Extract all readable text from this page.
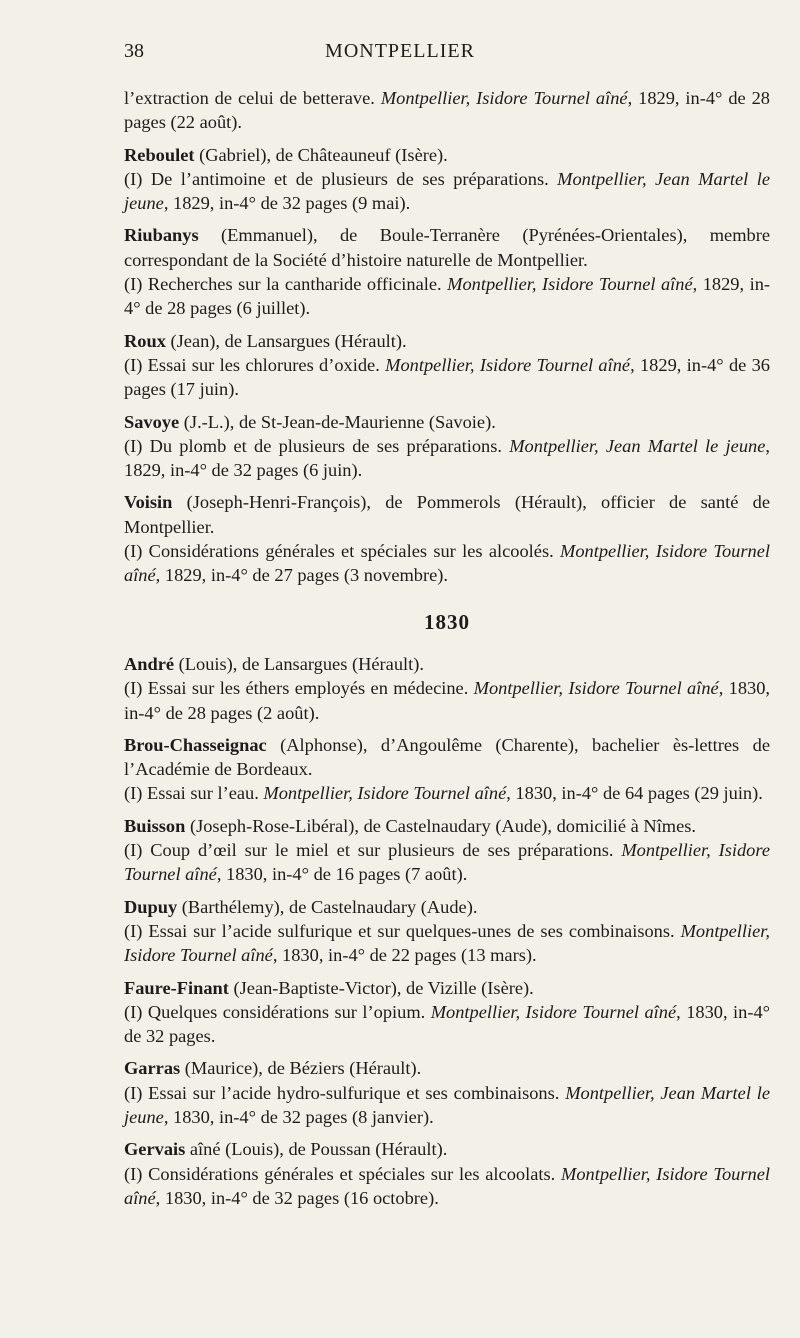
38	MONTPELLIER

l’extraction de celui de betterave. Montpellier, Isidore Tournel aîné, 1829, in-4° de 28 pages (22 août).

Reboulet (Gabriel), de Châteauneuf (Isère).

(I) De l’antimoine et de plusieurs de ses préparations. Montpellier, Jean Martel le jeune, 1829, in-4° de 32 pages (9 mai).

Riubanys (Emmanuel), de Boule-Terranère (Pyrénées-Orientales), membre correspondant de la Société d’histoire naturelle de Montpellier.

(I) Recherches sur la cantharide officinale. Montpellier, Isidore Tournel aîné, 1829, in-4° de 28 pages (6 juillet).

Roux (Jean), de Lansargues (Hérault).

(I) Essai sur les chlorures d’oxide. Montpellier, Isidore Tournel aîné, 1829, in-4° de 36 pages (17 juin).

Savoye (J.-L.), de St-Jean-de-Maurienne (Savoie).

(I) Du plomb et de plusieurs de ses préparations. Montpellier, Jean Martel le jeune, 1829, in-4° de 32 pages (6 juin).

Voisin (Joseph-Henri-François), de Pommerols (Hérault), officier de santé de Montpellier.

(I) Considérations générales et spéciales sur les alcoolés. Montpellier, Isidore Tournel aîné, 1829, in-4° de 27 pages (3 novembre).

1830

André (Louis), de Lansargues (Hérault).

(I) Essai sur les éthers employés en médecine. Montpellier, Isidore Tournel aîné, 1830, in-4° de 28 pages (2 août).

Brou-Chasseignac (Alphonse), d’Angoulême (Charente), bachelier ès-lettres de l’Académie de Bordeaux.

(I) Essai sur l’eau. Montpellier, Isidore Tournel aîné, 1830, in-4° de 64 pages (29 juin).

Buisson (Joseph-Rose-Libéral), de Castelnaudary (Aude), domicilié à Nîmes.

(I) Coup d’œil sur le miel et sur plusieurs de ses préparations. Montpellier, Isidore Tournel aîné, 1830, in-4° de 16 pages (7 août).

Dupuy (Barthélemy), de Castelnaudary (Aude).

(I) Essai sur l’acide sulfurique et sur quelques-unes de ses combinaisons. Montpellier, Isidore Tournel aîné, 1830, in-4° de 22 pages (13 mars).

Faure-Finant (Jean-Baptiste-Victor), de Vizille (Isère).

(I) Quelques considérations sur l’opium. Montpellier, Isidore Tournel aîné, 1830, in-4° de 32 pages.

Garras (Maurice), de Béziers (Hérault).

(I) Essai sur l’acide hydro-sulfurique et ses combinaisons. Montpellier, Jean Martel le jeune, 1830, in-4° de 32 pages (8 janvier).

Gervais aîné (Louis), de Poussan (Hérault).

(I) Considérations générales et spéciales sur les alcoolats. Montpellier, Isidore Tournel aîné, 1830, in-4° de 32 pages (16 octobre).
